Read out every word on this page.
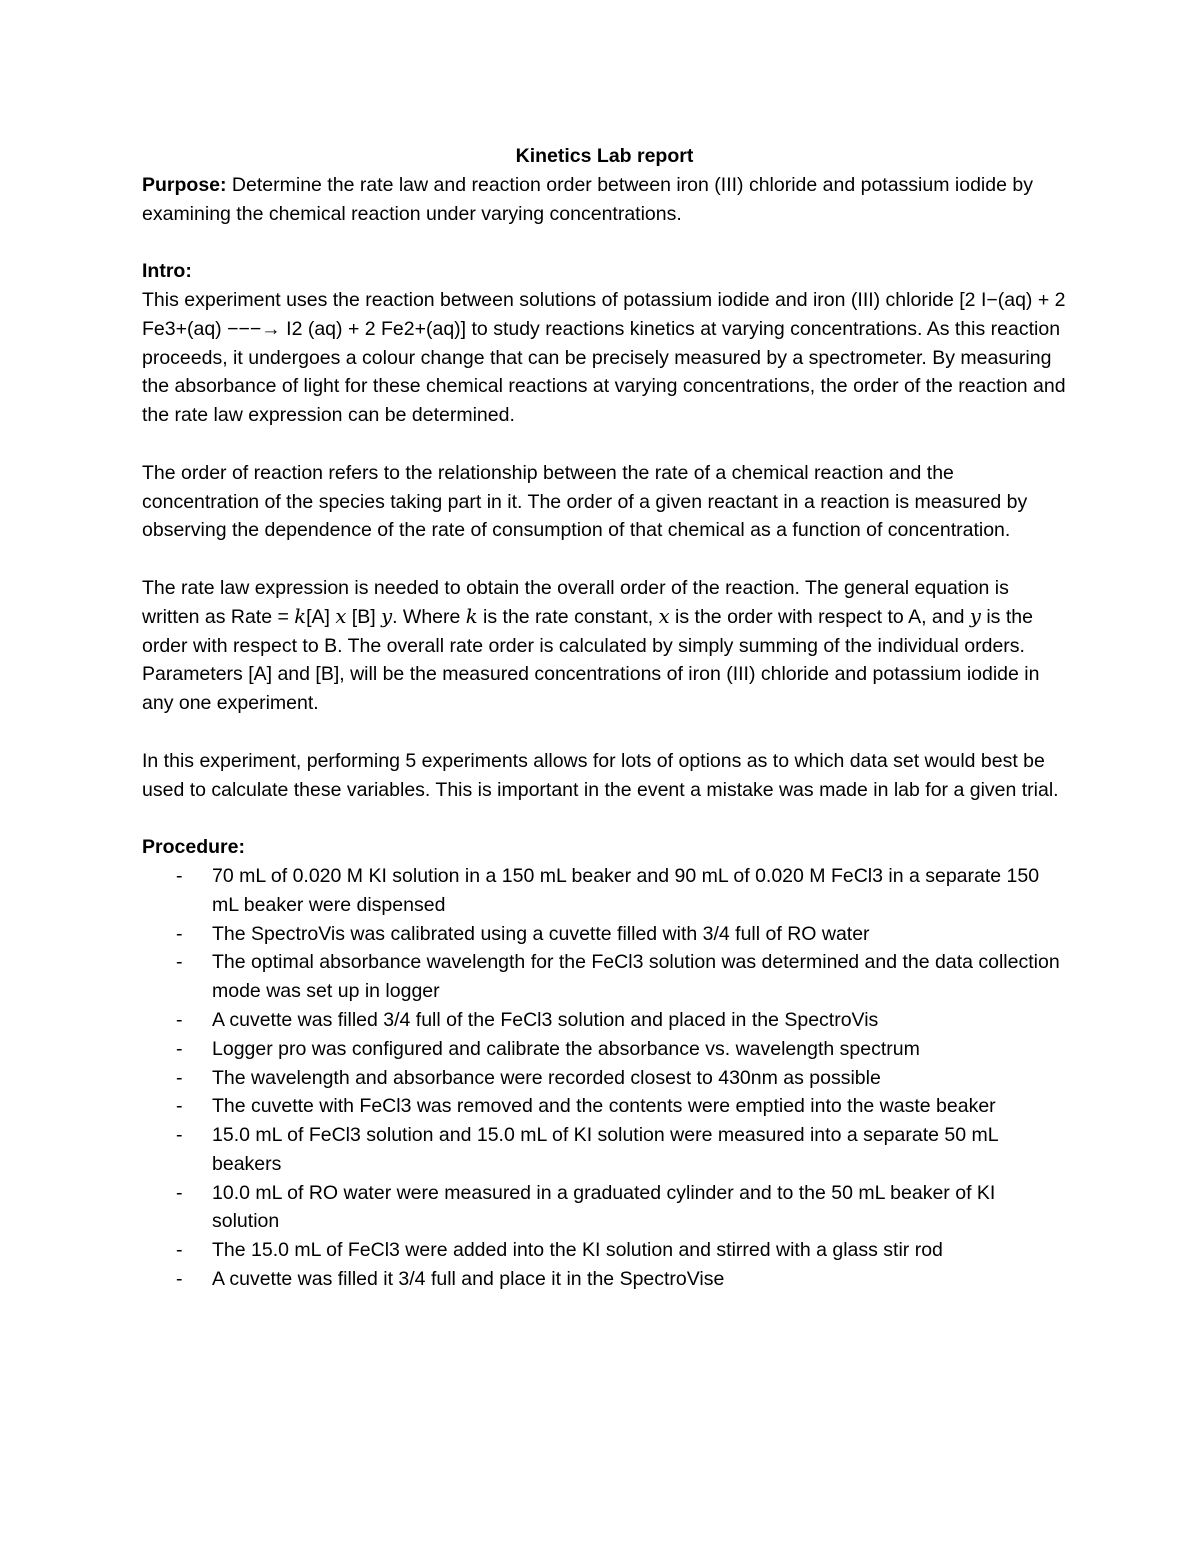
Kinetics Lab report

Purpose: Determine the rate law and reaction order between iron (III) chloride and potassium iodide by examining the chemical reaction under varying concentrations.

Intro:

This experiment uses the reaction between solutions of potassium iodide and iron (III) chloride [2 I−(aq) + 2 Fe3+(aq) −−−→ I2 (aq) + 2 Fe2+(aq)] to study reactions kinetics at varying concentrations. As this reaction proceeds, it undergoes a colour change that can be precisely measured by a spectrometer. By measuring the absorbance of light for these chemical reactions at varying concentrations, the order of the reaction and the rate law expression can be determined.

The order of reaction refers to the relationship between the rate of a chemical reaction and the concentration of the species taking part in it. The order of a given reactant in a reaction is measured by observing the dependence of the rate of consumption of that chemical as a function of concentration.

The rate law expression is needed to obtain the overall order of the reaction. The general equation is written as Rate = k[A] x [B] y. Where k is the rate constant, x is the order with respect to A, and y is the order with respect to B. The overall rate order is calculated by simply summing of the individual orders. Parameters [A] and [B], will be the measured concentrations of iron (III) chloride and potassium iodide in any one experiment.

In this experiment, performing 5 experiments allows for lots of options as to which data set would best be used to calculate these variables. This is important in the event a mistake was made in lab for a given trial.

Procedure:

- 70 mL of 0.020 M KI solution in a 150 mL beaker and 90 mL of 0.020 M FeCl3 in a separate 150 mL beaker were dispensed
- The SpectroVis was calibrated using a cuvette filled with 3/4 full of RO water
- The optimal absorbance wavelength for the FeCl3 solution was determined and the data collection mode was set up in logger
- A cuvette was filled 3/4 full of the FeCl3 solution and placed in the SpectroVis
- Logger pro was configured and calibrate the absorbance vs. wavelength spectrum
- The wavelength and absorbance were recorded closest to 430nm as possible
- The cuvette with FeCl3 was removed and the contents were emptied into the waste beaker
- 15.0 mL of FeCl3 solution and 15.0 mL of KI solution were measured into a separate 50 mL beakers
- 10.0 mL of RO water were measured in a graduated cylinder and to the 50 mL beaker of KI solution
- The 15.0 mL of FeCl3 were added into the KI solution and stirred with a glass stir rod
- A cuvette was filled it 3/4 full and place it in the SpectroVise
